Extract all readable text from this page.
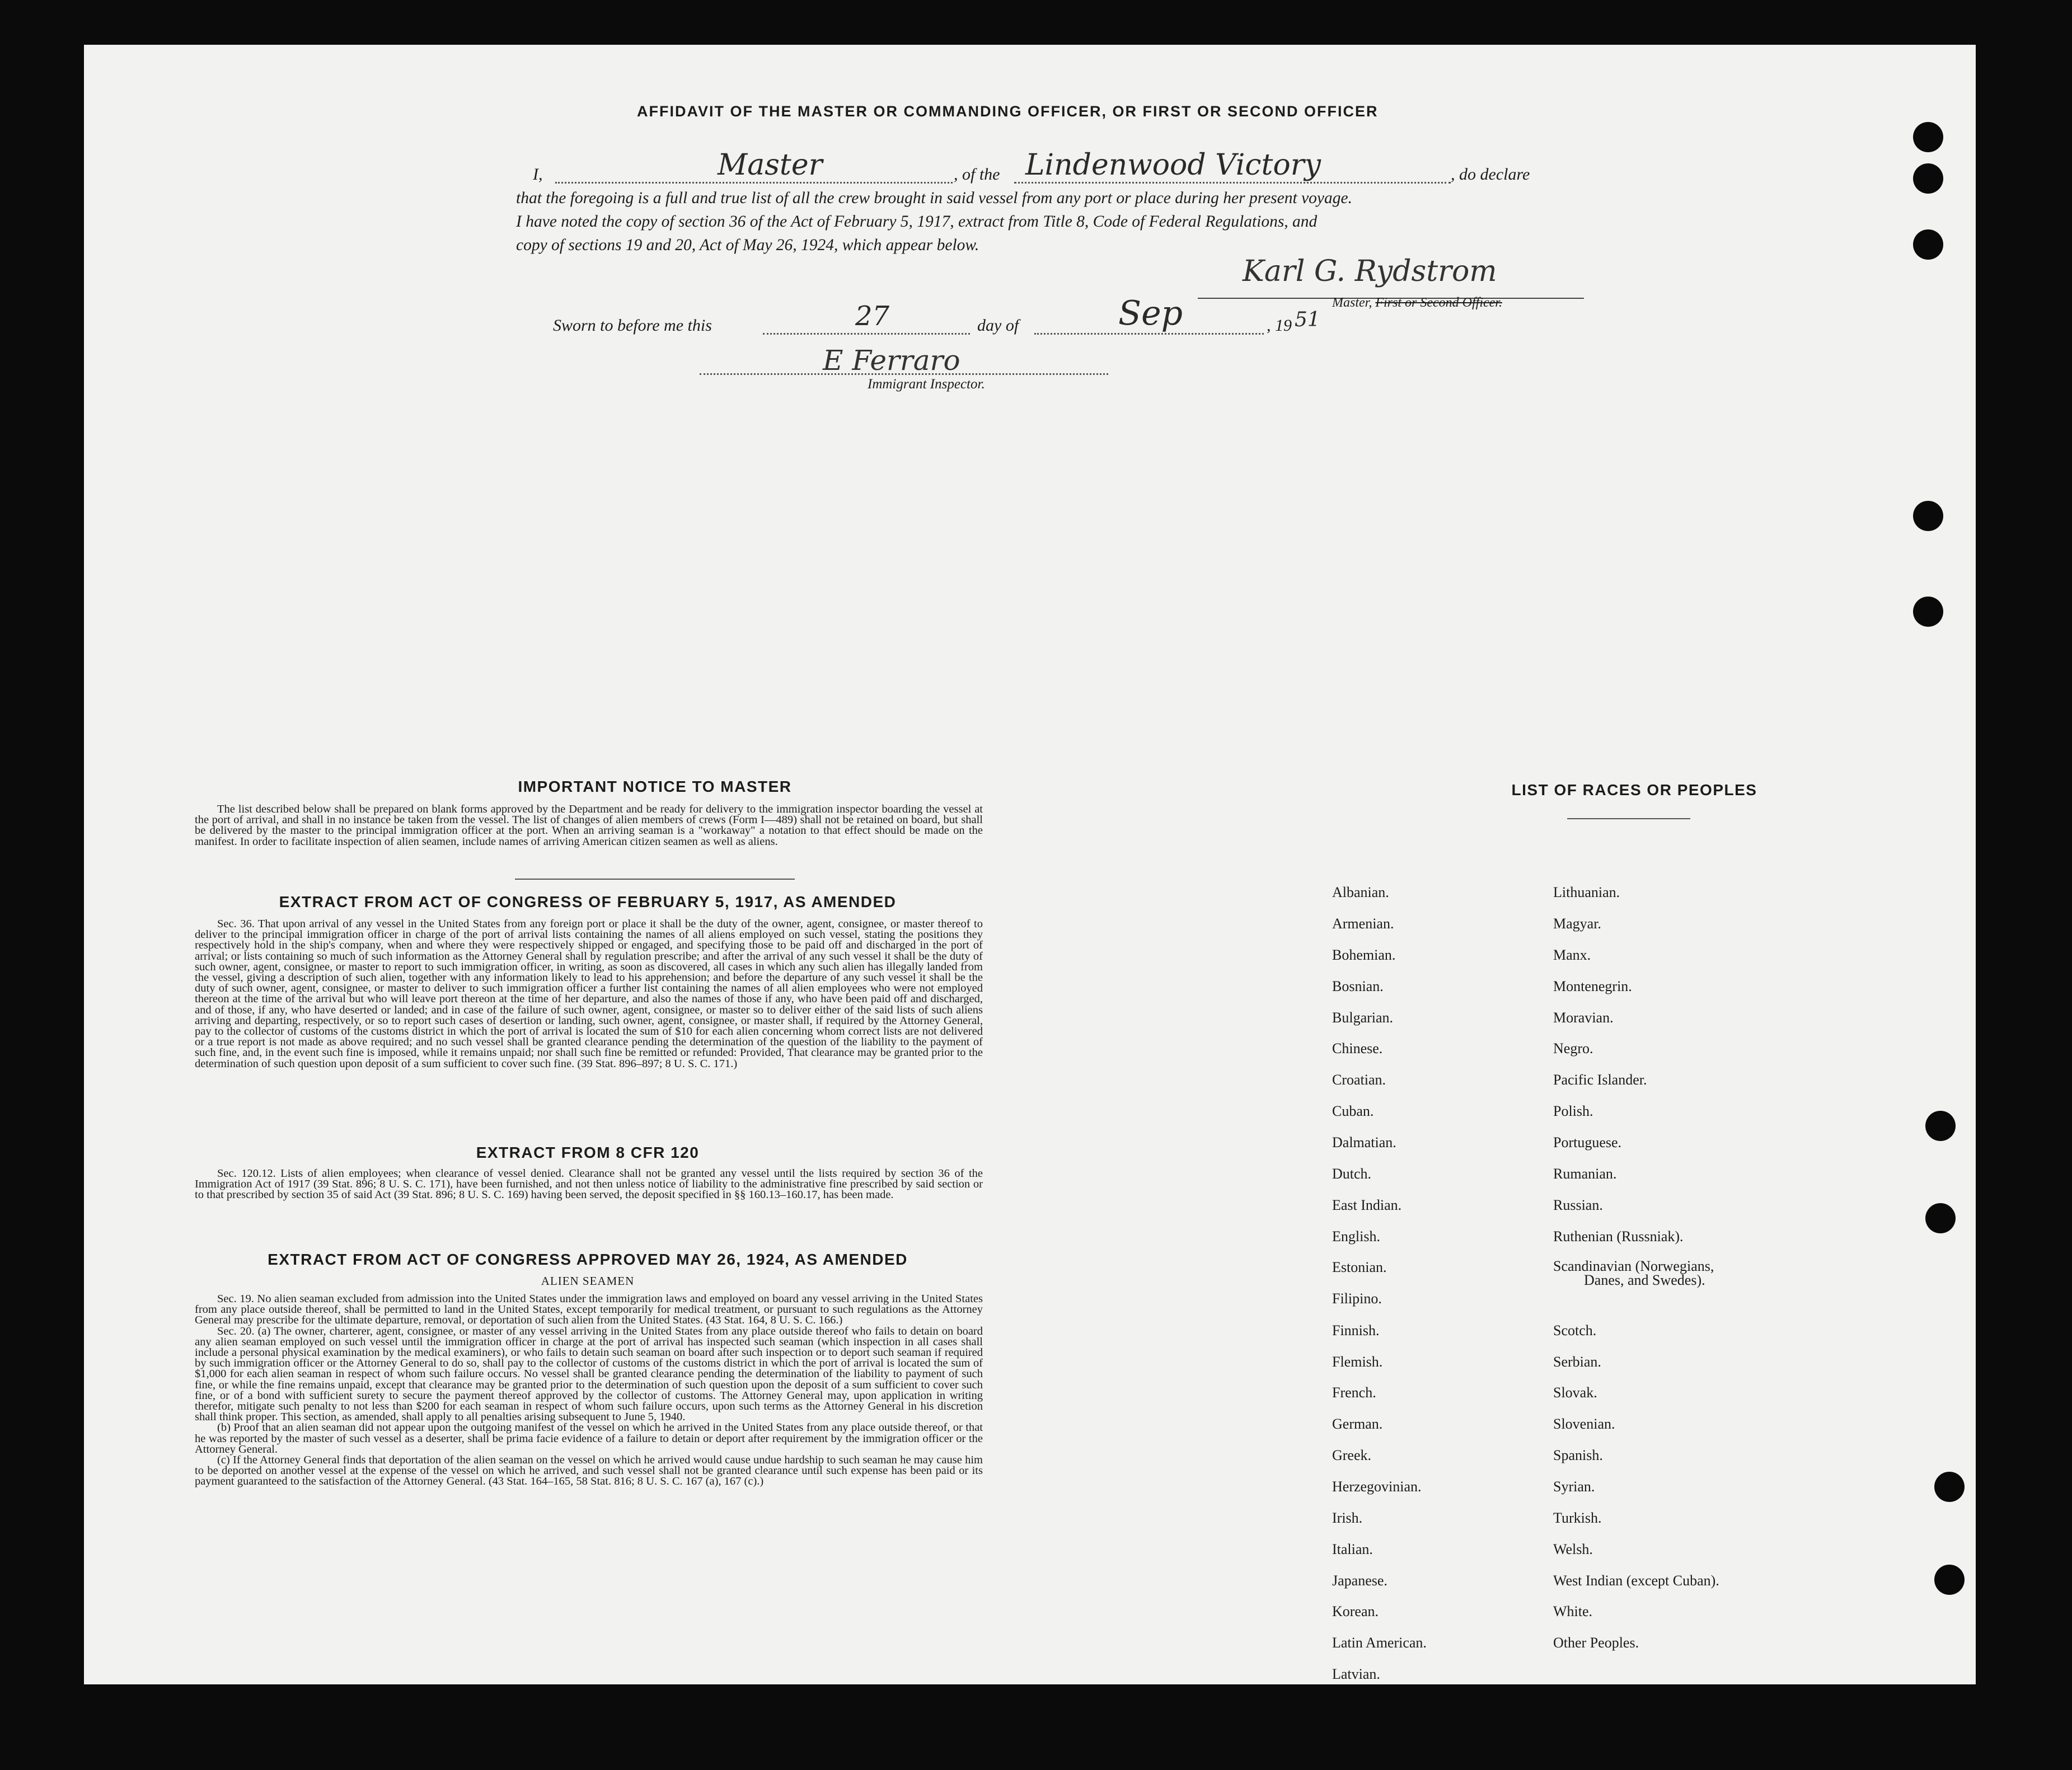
AFFIDAVIT OF THE MASTER OR COMMANDING OFFICER, OR FIRST OR SECOND OFFICER
I,	Master	, of the Lindenwood Victory	, do declare
that the foregoing is a full and true list of all the crew brought in said vessel from any port or place during her present voyage.
I have noted the copy of section 36 of the Act of February 5, 1917, extract from Title 8, Code of Federal Regulations, and
copy of sections 19 and 20, Act of May 26, 1924, which appear below.
Karl G. Rydstrom
Master, First or Second Officer.
Sworn to before me this	27	day of	Sep	, 19 51
E Ferraro
Immigrant Inspector.
IMPORTANT NOTICE TO MASTER
The list described below shall be prepared on blank forms approved by the Department and be ready for delivery to the immigration inspector boarding the vessel at the port of arrival, and shall in no instance be taken from the vessel. The list of changes of alien members of crews (Form I—489) shall not be retained on board, but shall be delivered by the master to the principal immigration officer at the port. When an arriving seaman is a "workaway" a notation to that effect should be made on the manifest. In order to facilitate inspection of alien seamen, include names of arriving American citizen seamen as well as aliens.
EXTRACT FROM ACT OF CONGRESS OF FEBRUARY 5, 1917, AS AMENDED
Sec. 36. That upon arrival of any vessel in the United States from any foreign port or place it shall be the duty of the owner, agent, consignee, or master thereof to deliver to the principal immigration officer in charge of the port of arrival lists containing the names of all aliens employed on such vessel, stating the positions they respectively hold in the ship's company, when and where they were respectively shipped or engaged, and specifying those to be paid off and discharged in the port of arrival; or lists containing so much of such information as the Attorney General shall by regulation prescribe; and after the arrival of any such vessel it shall be the duty of such owner, agent, consignee, or master to report to such immigration officer, in writing, as soon as discovered, all cases in which any such alien has illegally landed from the vessel, giving a description of such alien, together with any information likely to lead to his apprehension; and before the departure of any such vessel it shall be the duty of such owner, agent, consignee, or master to deliver to such immigration officer a further list containing the names of all alien employees who were not employed thereon at the time of the arrival but who will leave port thereon at the time of her departure, and also the names of those if any, who have been paid off and discharged, and of those, if any, who have deserted or landed; and in case of the failure of such owner, agent, consignee, or master so to deliver either of the said lists of such aliens arriving and departing, respectively, or so to report such cases of desertion or landing, such owner, agent, consignee, or master shall, if required by the Attorney General, pay to the collector of customs of the customs district in which the port of arrival is located the sum of $10 for each alien concerning whom correct lists are not delivered or a true report is not made as above required; and no such vessel shall be granted clearance pending the determination of the question of the liability to the payment of such fine, and, in the event such fine is imposed, while it remains unpaid; nor shall such fine be remitted or refunded: Provided, That clearance may be granted prior to the determination of such question upon deposit of a sum sufficient to cover such fine. (39 Stat. 896–897; 8 U. S. C. 171.)
EXTRACT FROM 8 CFR 120
Sec. 120.12. Lists of alien employees; when clearance of vessel denied. Clearance shall not be granted any vessel until the lists required by section 36 of the Immigration Act of 1917 (39 Stat. 896; 8 U. S. C. 171), have been furnished, and not then unless notice of liability to the administrative fine prescribed by said section or to that prescribed by section 35 of said Act (39 Stat. 896; 8 U. S. C. 169) having been served, the deposit specified in §§ 160.13–160.17, has been made.
EXTRACT FROM ACT OF CONGRESS APPROVED MAY 26, 1924, AS AMENDED
ALIEN SEAMEN

Sec. 19. No alien seaman excluded from admission into the United States under the immigration laws and employed on board any vessel arriving in the United States from any place outside thereof, shall be permitted to land in the United States, except temporarily for medical treatment, or pursuant to such regulations as the Attorney General may prescribe for the ultimate departure, removal, or deportation of such alien from the United States. (43 Stat. 164, 8 U. S. C. 166.)

Sec. 20. (a) The owner, charterer, agent, consignee, or master of any vessel arriving in the United States from any place outside thereof who fails to detain on board any alien seaman employed on such vessel until the immigration officer in charge at the port of arrival has inspected such seaman (which inspection in all cases shall include a personal physical examination by the medical examiners), or who fails to detain such seaman on board after such inspection or to deport such seaman if required by such immigration officer or the Attorney General to do so, shall pay to the collector of customs of the customs district in which the port of arrival is located the sum of $1,000 for each alien seaman in respect of whom such failure occurs. No vessel shall be granted clearance pending the determination of the liability to payment of such fine, or while the fine remains unpaid, except that clearance may be granted prior to the determination of such question upon the deposit of a sum sufficient to cover such fine, or of a bond with sufficient surety to secure the payment thereof approved by the collector of customs. The Attorney General may, upon application in writing therefor, mitigate such penalty to not less than $200 for each seaman in respect of whom such failure occurs, upon such terms as the Attorney General in his discretion shall think proper. This section, as amended, shall apply to all penalties arising subsequent to June 5, 1940.

(b) Proof that an alien seaman did not appear upon the outgoing manifest of the vessel on which he arrived in the United States from any place outside thereof, or that he was reported by the master of such vessel as a deserter, shall be prima facie evidence of a failure to detain or deport after requirement by the immigration officer or the Attorney General.

(c) If the Attorney General finds that deportation of the alien seaman on the vessel on which he arrived would cause undue hardship to such seaman he may cause him to be deported on another vessel at the expense of the vessel on which he arrived, and such vessel shall not be granted clearance until such expense has been paid or its payment guaranteed to the satisfaction of the Attorney General. (43 Stat. 164–165, 58 Stat. 816; 8 U. S. C. 167 (a), 167 (c).)

LIST OF RACES OR PEOPLES
Albanian.
Armenian.
Bohemian.
Bosnian.
Bulgarian.
Chinese.
Croatian.
Cuban.
Dalmatian.
Dutch.
East Indian.
English.
Estonian.
Filipino.
Finnish.
Flemish.
French.
German.
Greek.
Herzegovinian.
Irish.
Italian.
Japanese.
Korean.
Latin American.
Latvian.
Lithuanian.
Magyar.
Manx.
Montenegrin.
Moravian.
Negro.
Pacific Islander.
Polish.
Portuguese.
Rumanian.
Russian.
Ruthenian (Russniak).
Scandinavian (Norwegians,
Danes, and Swedes).
Scotch.
Serbian.
Slovak.
Slovenian.
Spanish.
Syrian.
Turkish.
Welsh.
West Indian (except Cuban).
White.
Other Peoples.
